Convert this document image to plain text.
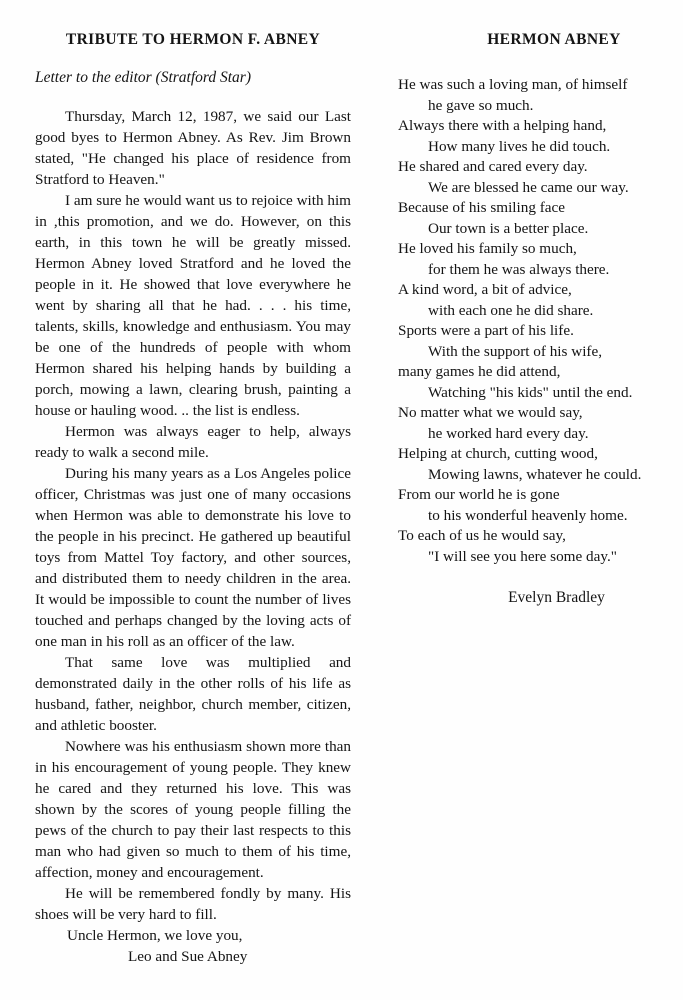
TRIBUTE TO HERMON F. ABNEY
Letter to the editor (Stratford Star)
Thursday, March 12, 1987, we said our Last good byes to Hermon Abney. As Rev. Jim Brown stated, "He changed his place of residence from Stratford to Heaven."
I am sure he would want us to rejoice with him in ,this promotion, and we do. However, on this earth, in this town he will be greatly missed. Hermon Abney loved Stratford and he loved the people in it. He showed that love everywhere he went by sharing all that he had. . . . his time, talents, skills, knowledge and enthusiasm. You may be one of the hundreds of people with whom Hermon shared his helping hands by building a porch, mowing a lawn, clearing brush, painting a house or hauling wood. .. the list is endless.
Hermon was always eager to help, always ready to walk a second mile.
During his many years as a Los Angeles police officer, Christmas was just one of many occasions when Hermon was able to demonstrate his love to the people in his precinct. He gathered up beautiful toys from Mattel Toy factory, and other sources, and distributed them to needy children in the area. It would be impossible to count the number of lives touched and perhaps changed by the loving acts of one man in his roll as an officer of the law.
That same love was multiplied and demonstrated daily in the other rolls of his life as husband, father, neighbor, church member, citizen, and athletic booster.
Nowhere was his enthusiasm shown more than in his encouragement of young people. They knew he cared and they returned his love. This was shown by the scores of young people filling the pews of the church to pay their last respects to this man who had given so much to them of his time, affection, money and encouragement.
He will be remembered fondly by many. His shoes will be very hard to fill.
Uncle Hermon, we love you,
Leo and Sue Abney
HERMON ABNEY
He was such a loving man, of himself
he gave so much.
Always there with a helping hand,
How many lives he did touch.
He shared and cared every day.
We are blessed he came our way.
Because of his smiling face
Our town is a better place.
He loved his family so much,
for them he was always there.
A kind word, a bit of advice,
with each one he did share.
Sports were a part of his life.
With the support of his wife,
many games he did attend,
Watching "his kids" until the end.
No matter what we would say,
he worked hard every day.
Helping at church, cutting wood,
Mowing lawns, whatever he could.
From our world he is gone
to his wonderful heavenly home.
To each of us he would say,
"I will see you here some day."
Evelyn Bradley
